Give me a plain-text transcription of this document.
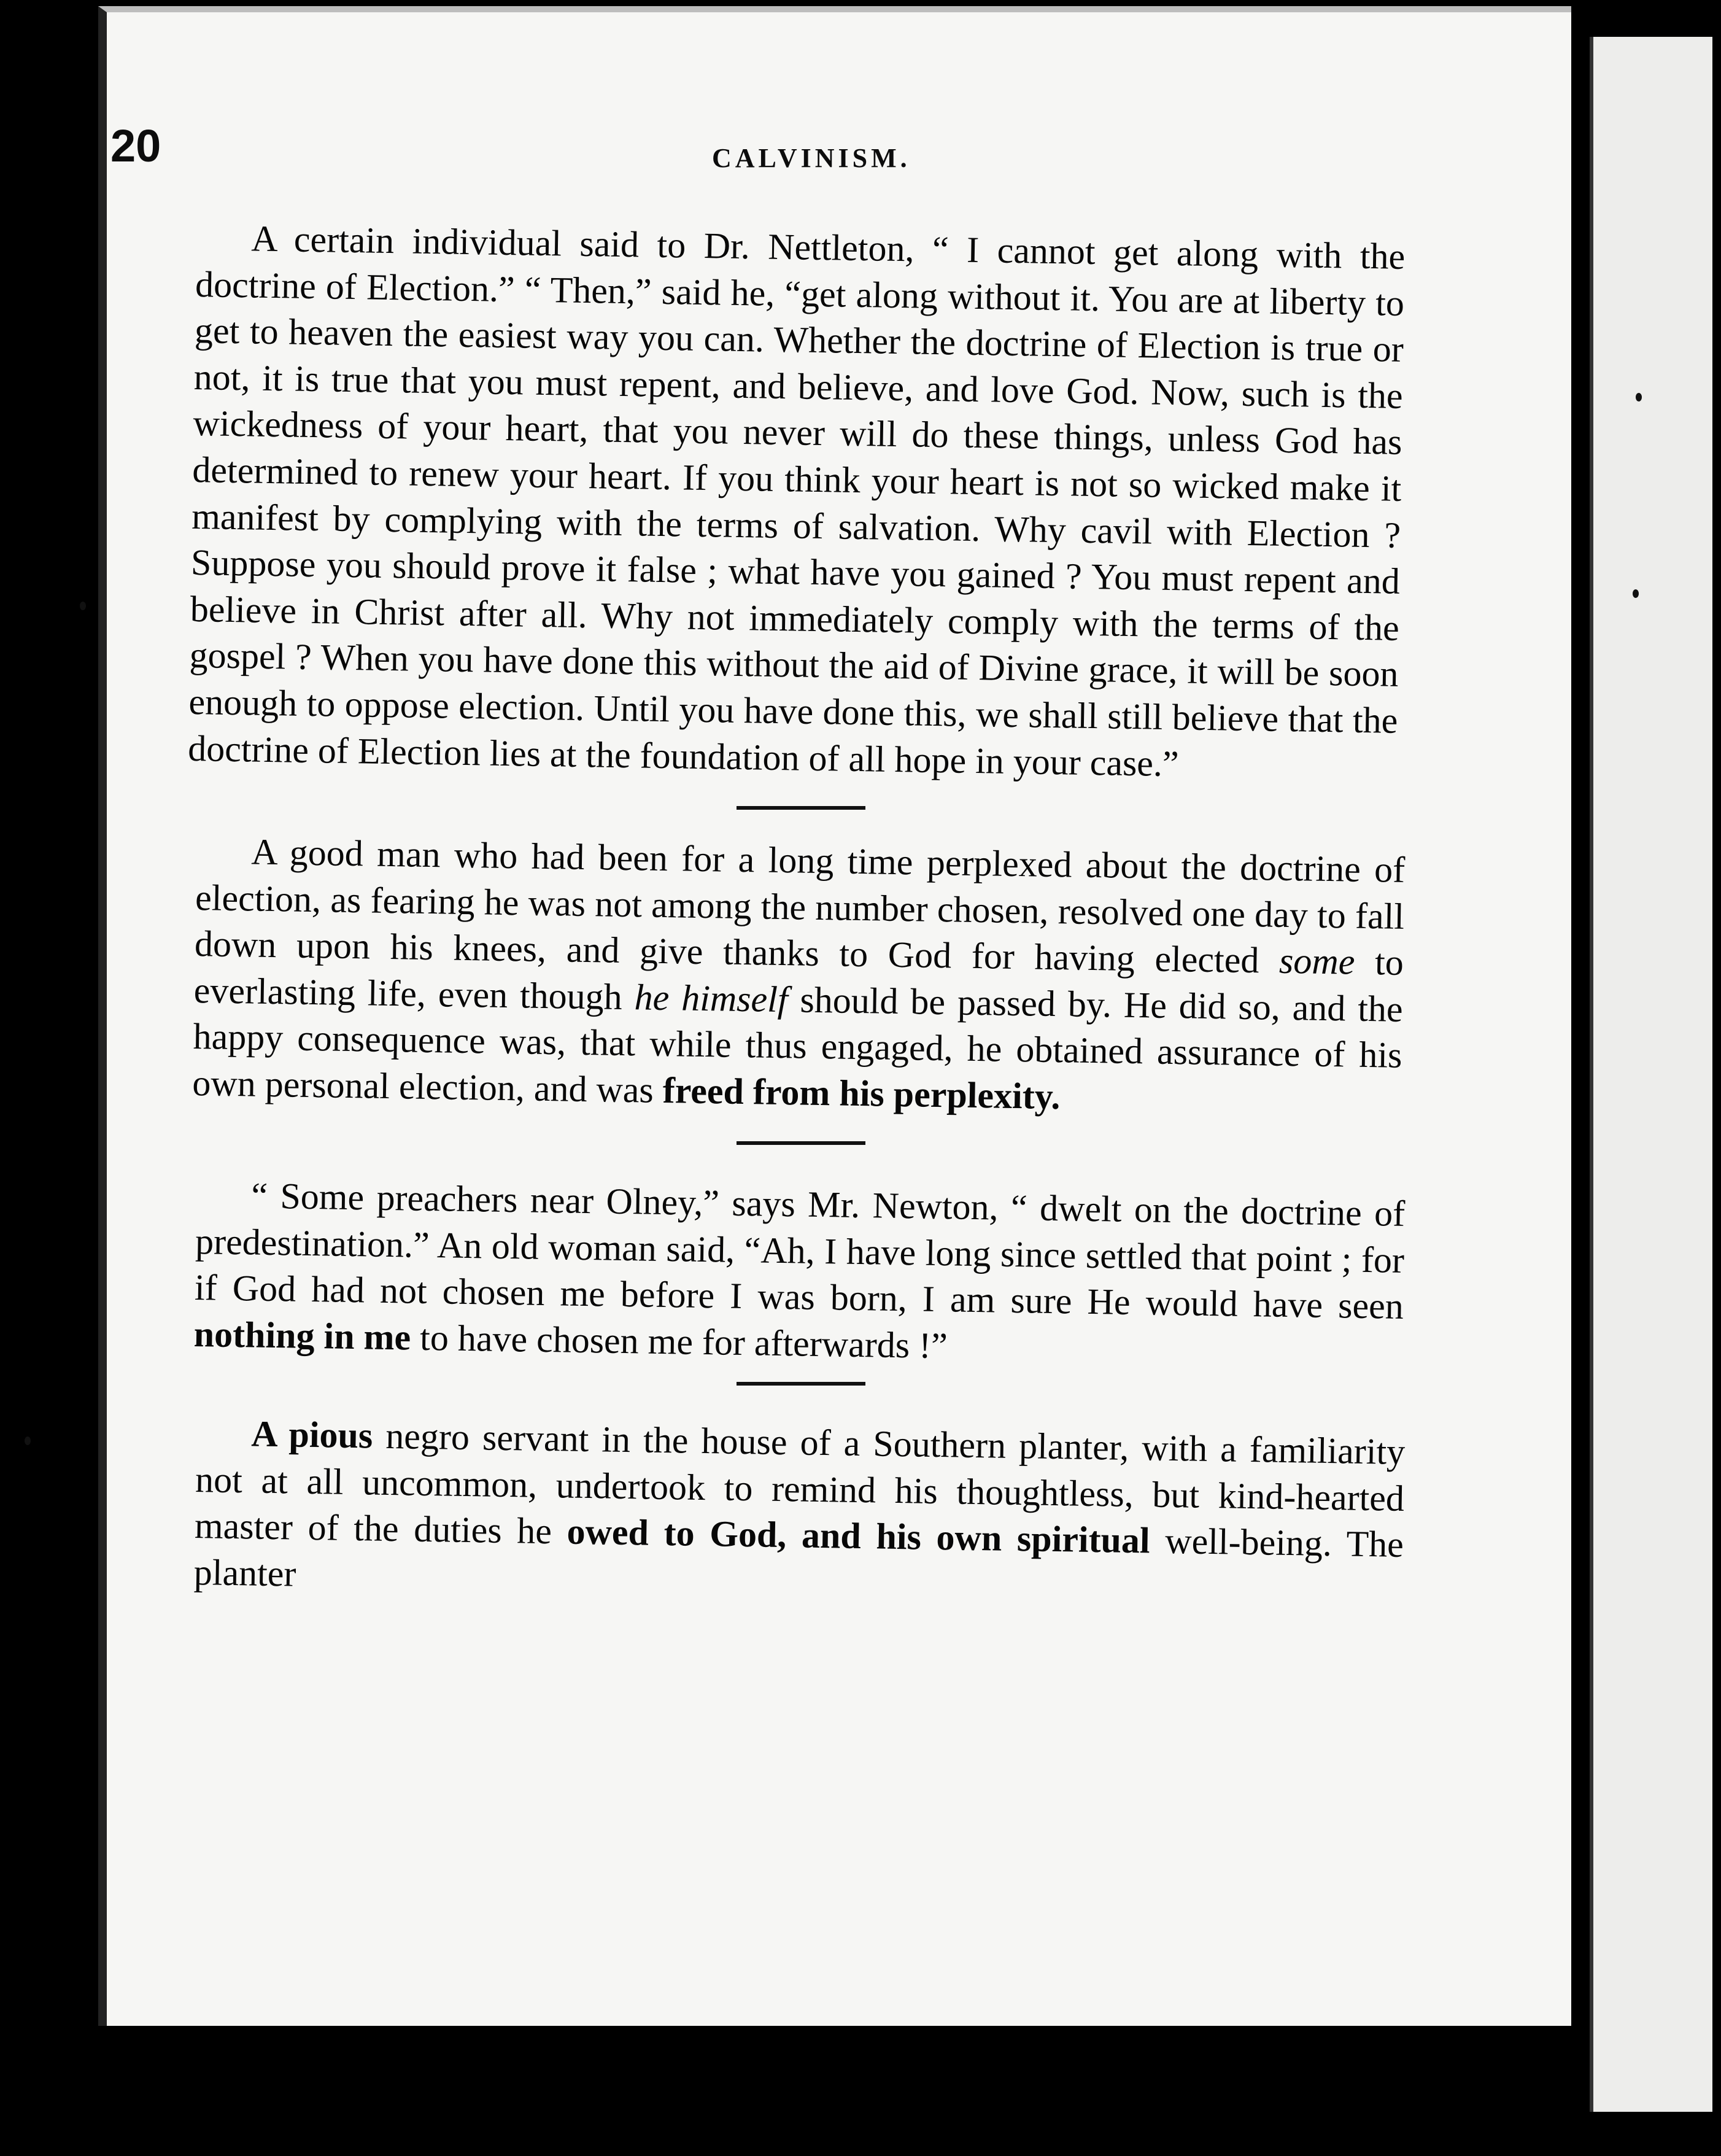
20	CALVINISM.

A certain individual said to Dr. Nettleton, “ I cannot get along with the doctrine of Election.” “ Then,” said he, “get along without it. You are at liberty to get to heaven the easiest way you can. Whether the doctrine of Election is true or not, it is true that you must repent, and believe, and love God. Now, such is the wickedness of your heart, that you never will do these things, unless God has determined to renew your heart. If you think your heart is not so wicked make it manifest by complying with the terms of salvation. Why cavil with Election ? Suppose you should prove it false ; what have you gained ? You must repent and believe in Christ after all. Why not immediately comply with the terms of the gospel ? When you have done this without the aid of Divine grace, it will be soon enough to oppose election. Until you have done this, we shall still believe that the doctrine of Election lies at the foundation of all hope in your case.”

A good man who had been for a long time perplexed about the doctrine of election, as fearing he was not among the number chosen, resolved one day to fall down upon his knees, and give thanks to God for having elected some to everlasting life, even though he himself should be passed by. He did so, and the happy consequence was, that while thus engaged, he obtained assurance of his own personal election, and was freed from his perplexity.

“ Some preachers near Olney,” says Mr. Newton, “ dwelt on the doctrine of predestination.” An old woman said, “Ah, I have long since settled that point ; for if God had not chosen me before I was born, I am sure He would have seen nothing in me to have chosen me for afterwards !”

A pious negro servant in the house of a Southern planter, with a familiarity not at all uncommon, undertook to remind his thoughtless, but kind-hearted master of the duties he owed to God, and his own spiritual well-being. The planter
